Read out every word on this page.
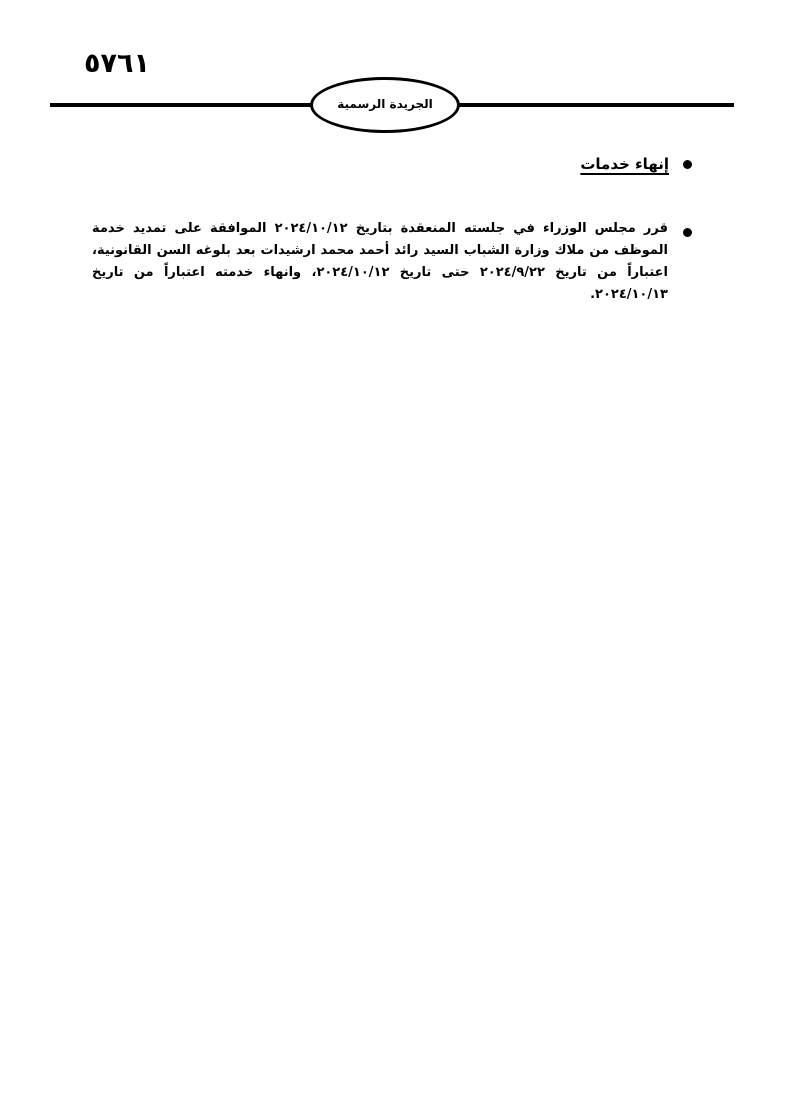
٥٧٦١
الجريدة الرسمية
إنهاء خدمات
قرر مجلس الوزراء في جلسته المنعقدة بتاريخ ٢٠٢٤/١٠/١٢ الموافقة على تمديد خدمة الموظف من ملاك وزارة الشباب السيد رائد أحمد محمد ارشيدات بعد بلوغه السن القانونية، اعتباراً من تاريخ ٢٠٢٤/٩/٢٢ حتى تاريخ ٢٠٢٤/١٠/١٢، وانهاء خدمته اعتباراً من تاريخ ٢٠٢٤/١٠/١٣.
